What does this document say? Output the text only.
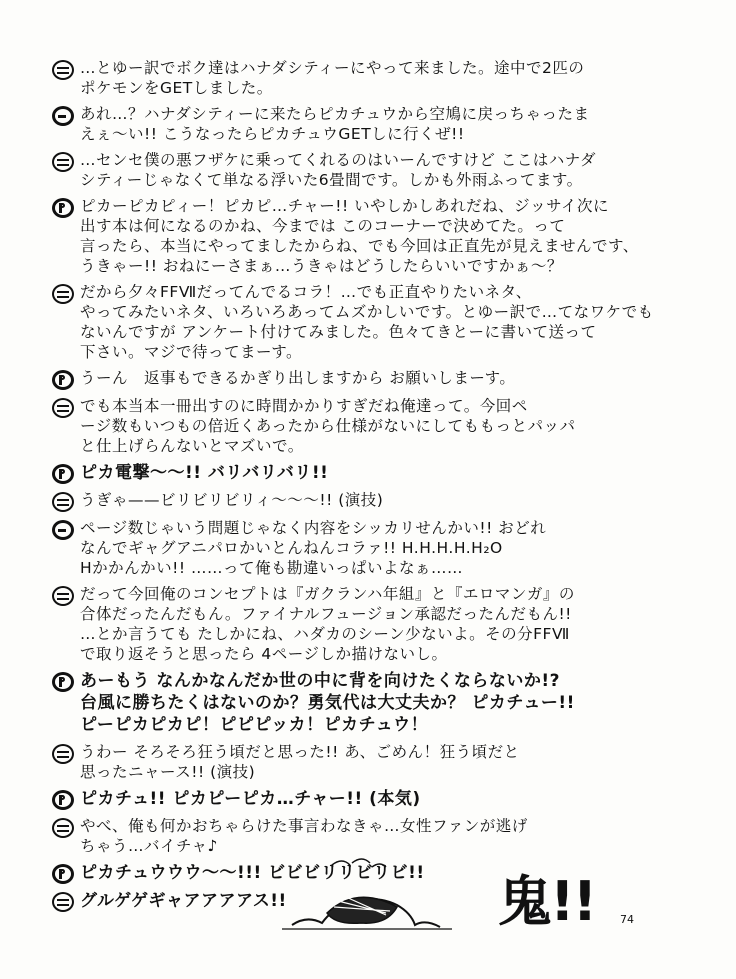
…とゆー訳でボク達はハナダシティーにやって来ました。途中で2匹の
ポケモンをGETしました。
あれ…？ハナダシティーに来たらピカチュウから空鳩に戻っちゃったま
えぇ～い!! こうなったらピカチュウGETしに行くぜ!!
…センセ僕の悪フザケに乗ってくれるのはいーんですけど ここはハナダ
シティーじゃなくて単なる浮いた6畳間です。しかも外雨ふってます。
ピカーピカピィー！ピカピ…チャー!! いやしかしあれだね、ジッサイ次に
出す本は何になるのかね、今までは このコーナーで決めてた。って
言ったら、本当にやってましたからね、でも今回は正直先が見えませんです、
うきゃー!! おねにーさまぁ…うきゃはどうしたらいいですかぁ～？
だから夕々FFⅦだってんでるコラ！…でも正直やりたいネタ、
やってみたいネタ、いろいろあってムズかしいです。とゆー訳で…てなワケでも
ないんですが アンケート付けてみました。色々てきとーに書いて送って
下さい。マジで待ってまーす。
うーん　返事もできるかぎり出しますから お願いしまーす。
でも本当本一冊出すのに時間かかりすぎだね俺達って。今回ペ
ージ数もいつもの倍近くあったから仕様がないにしてももっとパッパ
と仕上げらんないとマズいで。
ピカ電撃～～!! バリバリバリ!!
うぎゃ——ビリビリビリィ～～～!! (演技)
ページ数じゃいう問題じゃなく内容をシッカリせんかい!! おどれ
なんでギャグアニパロかいとんねんコラァ!! H.H.H.H.H₂O
Hかかんかい!! ……って俺も勘違いっぱいよなぁ……
だって今回俺のコンセプトは『ガクランハ年組』と『エロマンガ』の
合体だったんだもん。ファイナルフュージョン承認だったんだもん!!
…とか言うても たしかにね、ハダカのシーン少ないよ。その分FFⅦ
で取り返そうと思ったら 4ページしか描けないし。
あーもう なんかなんだか世の中に背を向けたくならないか!?
台風に勝ちたくはないのか？勇気代は大丈夫か？ ピカチュー!!
ピーピカピカピ！ピピピッカ！ピカチュウ！
うわー そろそろ狂う頃だと思った!! あ、ごめん！狂う頃だと
思ったニャース!! (演技)
ピカチュ!! ピカピーピカ…チャー!! (本気)
やべ、俺も何かおちゃらけた事言わなきゃ…女性ファンが逃げ
ちゃう…バイチャ♪
ピカチュウウウ～～!!! ビビビリリビリビ!!
グルゲゲギャアアアアス!!	鬼!! 74
